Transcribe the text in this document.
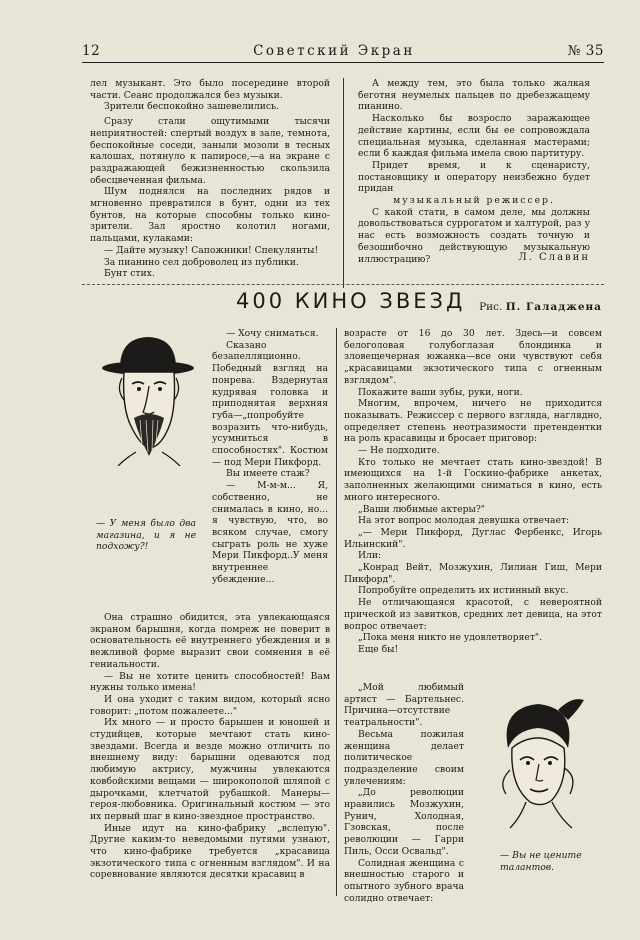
12	Советский Экран	№ 35

лел музыкант. Это было посередине второй части. Сеанс продолжался без музыки.

Зрители беспокойно зашевелились.

Сразу стали ощутимыми тысячи неприятностей: спертый воздух в зале, темнота, беспокойные соседи, заныли мозоли в тесных калошах, потянуло к папиросе,—а на экране с раздражающей бежизненностью скользила обесцвеченная фильма.

Шум поднялся на последних рядов и мгновенно превратился в бунт, одни из тех бунтов, на которые способны только кино-зрители. Зал яростно колотил ногами, пальцами, кулаками:

— Дайте музыку! Сапожники! Спекулянты!

За пианино сел доброволец из публики.

Бунт стих.

А между тем, это была только жалкая беготня неумелых пальцев по дребезжащему пианино.

Насколько бы возросло заражающее действие картины, если бы ее сопровождала специальная музыка, сделанная мастерами; если б каждая фильма имела свою партитуру.

Придет время, и к сценаристу, постановщику и оператору неизбежно будет придан

музыкальный режиссер.

С какой стати, в самом деле, мы должны довольствоваться суррогатом и халтурой, раз у нас есть возможность создать точную и безошибочно действующую музыкальную иллюстрацию?	Л. Славин
400 КИНО ЗВЕЗД	Рис. П. Галаджена
— У меня было два магазина, и я не подхожу?!

— Хочу сниматься.

Сказано безапелляционно. Победный взгляд на понрева. Вздернутая кудрявая головка и приподнятая верхняя губа—„попробуйте возразить что-нибудь, усумниться в способностях". Костюм — под Мери Пикфорд.

Вы имеете стаж?

— М-м-м... Я, собственно, не снималась в кино, но... я чувствую, что, во всяком случае, смогу сыграть роль не хуже Мери Пикфорд..У меня внутреннее убеждение...

Она страшно обидится, эта увлекающаяся экраном барышня, когда помреж не поверит в основательность её внутреннего убеждения и в вежливой форме выразит свои сомнения в её гениальности.

— Вы не хотите ценить способностей! Вам нужны только имена!

И она уходит с таким видом, который ясно говорит: „потом пожалеете..."

Их много — и просто барышен и юношей и студийцев, которые мечтают стать кино-звездами. Всегда и везде можно отличить по внешнему виду: барышни одеваются под любимую актрису, мужчины увлекаются ковбойскими вещами — широкополой шляпой с дырочками, клетчатой рубашкой. Манеры—героя-любовника. Оригинальный костюм — это их первый шаг в кино-звездное пространство.

Иные идут на кино-фабрику „вслепую". Другие каким-то неведомыми путями узнают, что кино-фабрике требуется „красавица экзотического типа с огненным взглядом". И на соревнование являются десятки красавиц в

возрасте от 16 до 30 лет. Здесь—и совсем белоголовая голубоглазая блондинка и зловещечерная южанка—все они чувствуют себя „красавицами экзотического типа с огненным взглядом".

Покажите ваши зубы, руки, ноги.

Многим, впрочем, ничего не приходится показывать. Режиссер с первого взгляда, наглядно, определяет степень неотразимости претендентки на роль красавицы и бросает приговор:

— Не подходите.

Кто только не мечтает стать кино-звездой! В имеющихся на 1-й Госкино-фабрике анкетах, заполненных желающими сниматься в кино, есть много интересного.

„Ваши любимые актеры?"

На этот вопрос молодая девушка отвечает:

„— Мери Пикфорд, Дуглас Фербенкс, Игорь Ильинский".

Или:

„Конрад Вейт, Мозжухин, Лилиан Гиш, Мери Пикфорд".

Попробуйте определить их истинный вкус.

Не отличающаяся красотой, с невероятной прической из завитков, средних лет девица, на этот вопрос отвечает:

„Пока меня никто не удовлетворяет".

Еще бы!

„Мой любимый артист — Бартельнес. Причина—отсутствие театральности".

Весьма пожилая женщина делает политическое подразделение своим увлечениям:

„До революции нравились Мозжухин, Рунич, Холодная, Гзовская, после революции — Гарри Пиль, Осси Освальд".

Солидная женщина с внешностью старого и опытного зубного врача солидно отвечает:

— Вы не цените талантов.
